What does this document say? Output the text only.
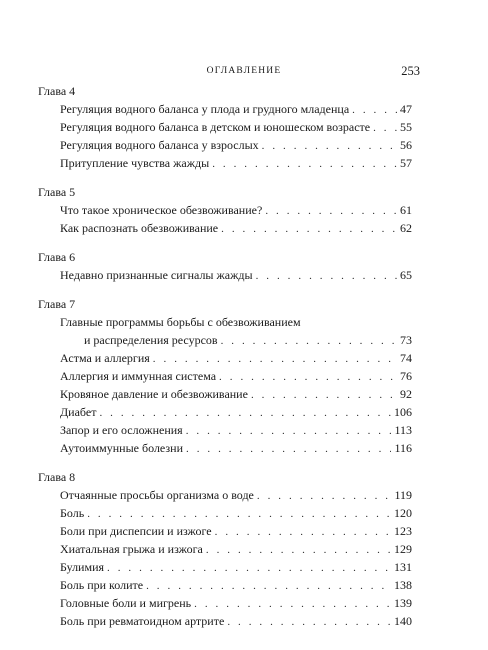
ОГЛАВЛЕНИЕ	253
Глава 4
Регуляция водного баланса у плода и грудного младенца . . .	47
Регуляция водного баланса в детском и юношеском возрасте . . . 55
Регуляция водного баланса у взрослых . . .	56
Притупление чувства жажды . . .	57
Глава 5
Что такое хроническое обезвоживание? . . .	61
Как распознать обезвоживание . . .	62
Глава 6
Недавно признанные сигналы жажды . . .	65
Глава 7
Главные программы борьбы с обезвоживанием
и распределения ресурсов . . .	73
Астма и аллергия . . .	74
Аллергия и иммунная система . . .	76
Кровяное давление и обезвоживание . . .	92
Диабет . . .	106
Запор и его осложнения . . .	113
Аутоиммунные болезни . . .	116
Глава 8
Отчаянные просьбы организма о воде . . .	119
Боль . . .	120
Боли при диспепсии и изжоге . . .	123
Хиатальная грыжа и изжога . . .	129
Булимия . . .	131
Боль при колите . . .	138
Головные боли и мигрень . . .	139
Боль при ревматоидном артрите . . .	140
